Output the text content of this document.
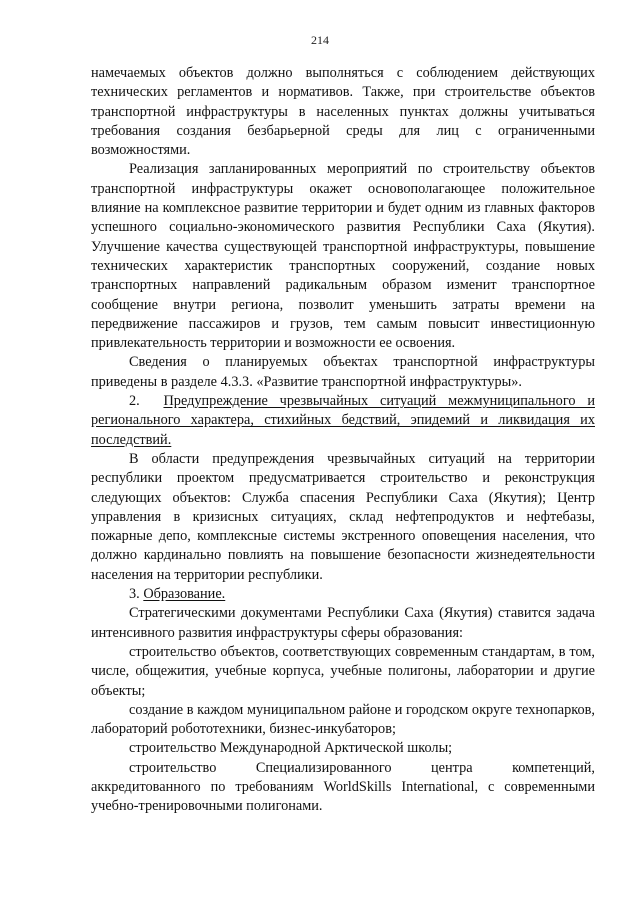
214

намечаемых объектов должно выполняться с соблюдением действующих технических регламентов и нормативов. Также, при строительстве объектов транспортной инфраструктуры в населенных пунктах должны учитываться требования создания безбарьерной среды для лиц с ограниченными возможностями.

Реализация запланированных мероприятий по строительству объектов транспортной инфраструктуры окажет основополагающее положительное влияние на комплексное развитие территории и будет одним из главных факторов успешного социально-экономического развития Республики Саха (Якутия). Улучшение качества существующей транспортной инфраструктуры, повышение технических характеристик транспортных сооружений, создание новых транспортных направлений радикальным образом изменит транспортное сообщение внутри региона, позволит уменьшить затраты времени на передвижение пассажиров и грузов, тем самым повысит инвестиционную привлекательность территории и возможности ее освоения.

Сведения о планируемых объектах транспортной инфраструктуры приведены в разделе 4.3.3. «Развитие транспортной инфраструктуры».

2. Предупреждение чрезвычайных ситуаций межмуниципального и регионального характера, стихийных бедствий, эпидемий и ликвидация их последствий.

В области предупреждения чрезвычайных ситуаций на территории республики проектом предусматривается строительство и реконструкция следующих объектов: Служба спасения Республики Саха (Якутия); Центр управления в кризисных ситуациях, склад нефтепродуктов и нефтебазы, пожарные депо, комплексные системы экстренного оповещения населения, что должно кардинально повлиять на повышение безопасности жизнедеятельности населения на территории республики.

3. Образование.

Стратегическими документами Республики Саха (Якутия) ставится задача интенсивного развития инфраструктуры сферы образования:

строительство объектов, соответствующих современным стандартам, в том, числе, общежития, учебные корпуса, учебные полигоны, лаборатории и другие объекты;

создание в каждом муниципальном районе и городском округе технопарков, лабораторий робототехники, бизнес-инкубаторов;

строительство Международной Арктической школы;

строительство Специализированного центра компетенций, аккредитованного по требованиям WorldSkills International, с современными учебно-тренировочными полигонами.
